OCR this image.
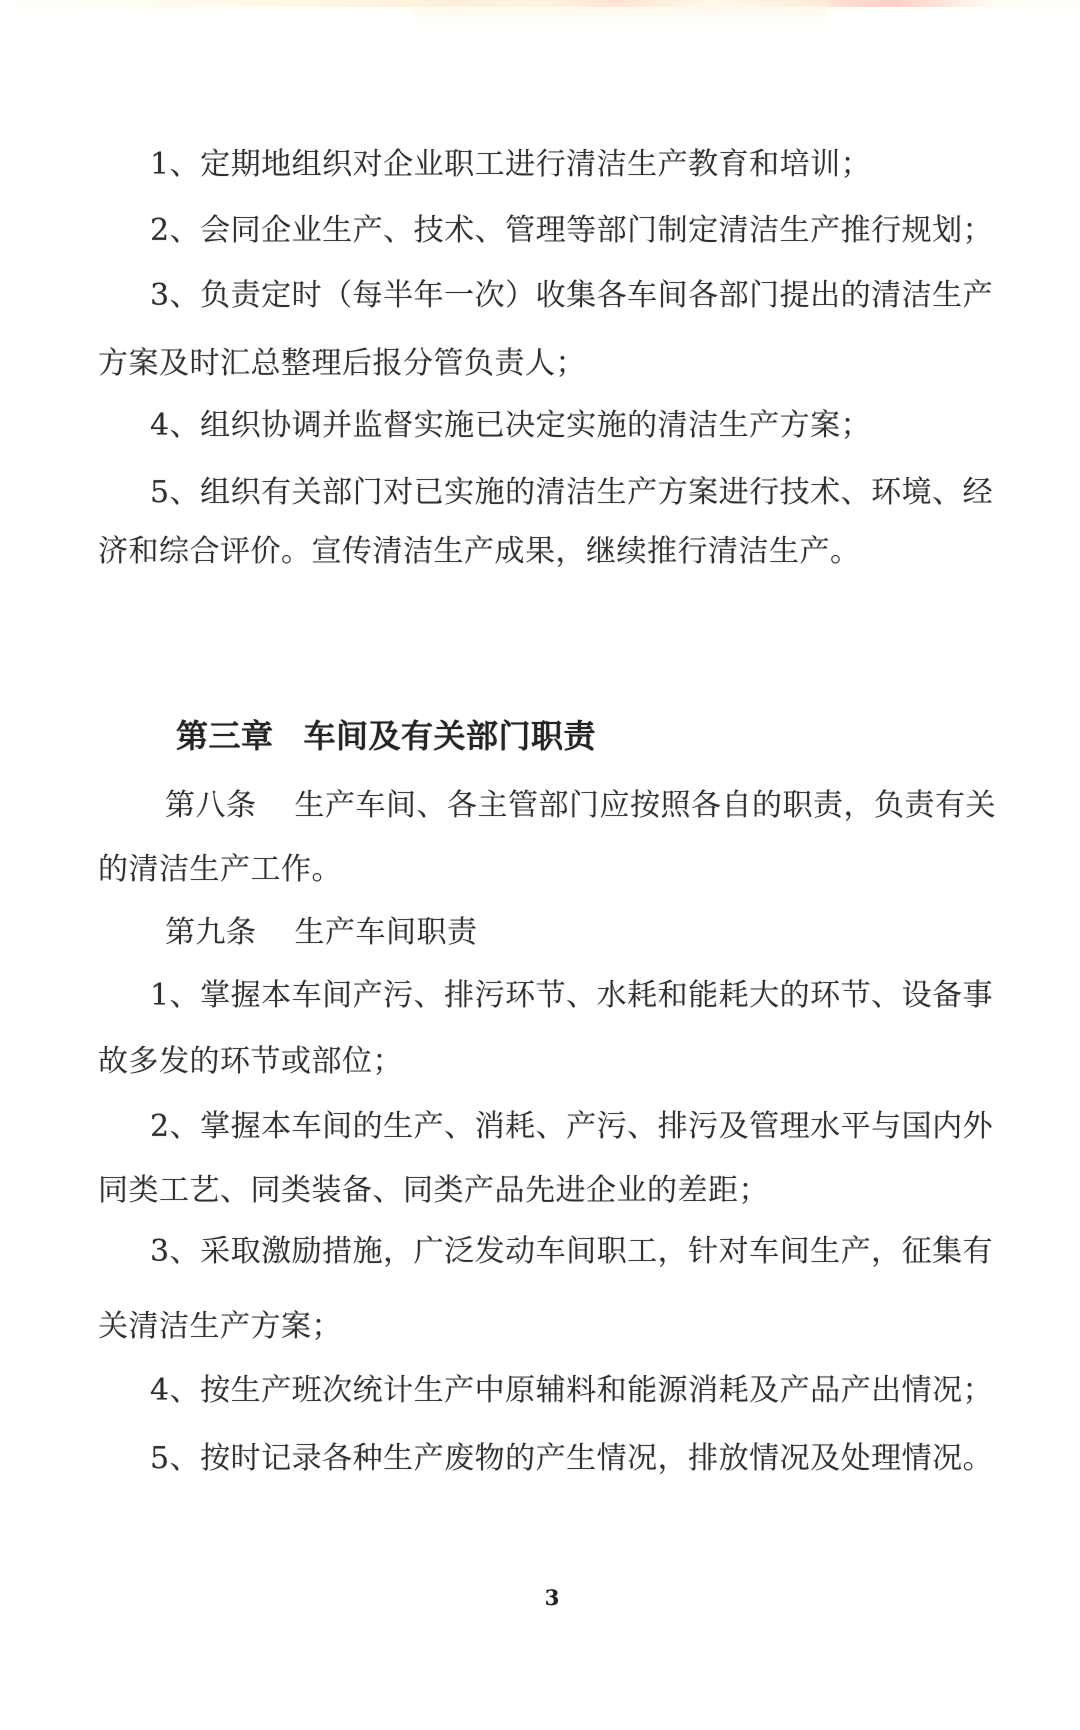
1、定期地组织对企业职工进行清洁生产教育和培训；
2、会同企业生产、技术、管理等部门制定清洁生产推行规划；
3、负责定时（每半年一次）收集各车间各部门提出的清洁生产
方案及时汇总整理后报分管负责人；
4、组织协调并监督实施已决定实施的清洁生产方案；
5、组织有关部门对已实施的清洁生产方案进行技术、环境、经
济和综合评价。宣传清洁生产成果，继续推行清洁生产。
第三章 车间及有关部门职责
第八条 生产车间、各主管部门应按照各自的职责，负责有关
的清洁生产工作。
第九条 生产车间职责
1、掌握本车间产污、排污环节、水耗和能耗大的环节、设备事
故多发的环节或部位；
2、掌握本车间的生产、消耗、产污、排污及管理水平与国内外
同类工艺、同类装备、同类产品先进企业的差距；
3、采取激励措施，广泛发动车间职工，针对车间生产，征集有
关清洁生产方案；
4、按生产班次统计生产中原辅料和能源消耗及产品产出情况；
5、按时记录各种生产废物的产生情况，排放情况及处理情况。
3
